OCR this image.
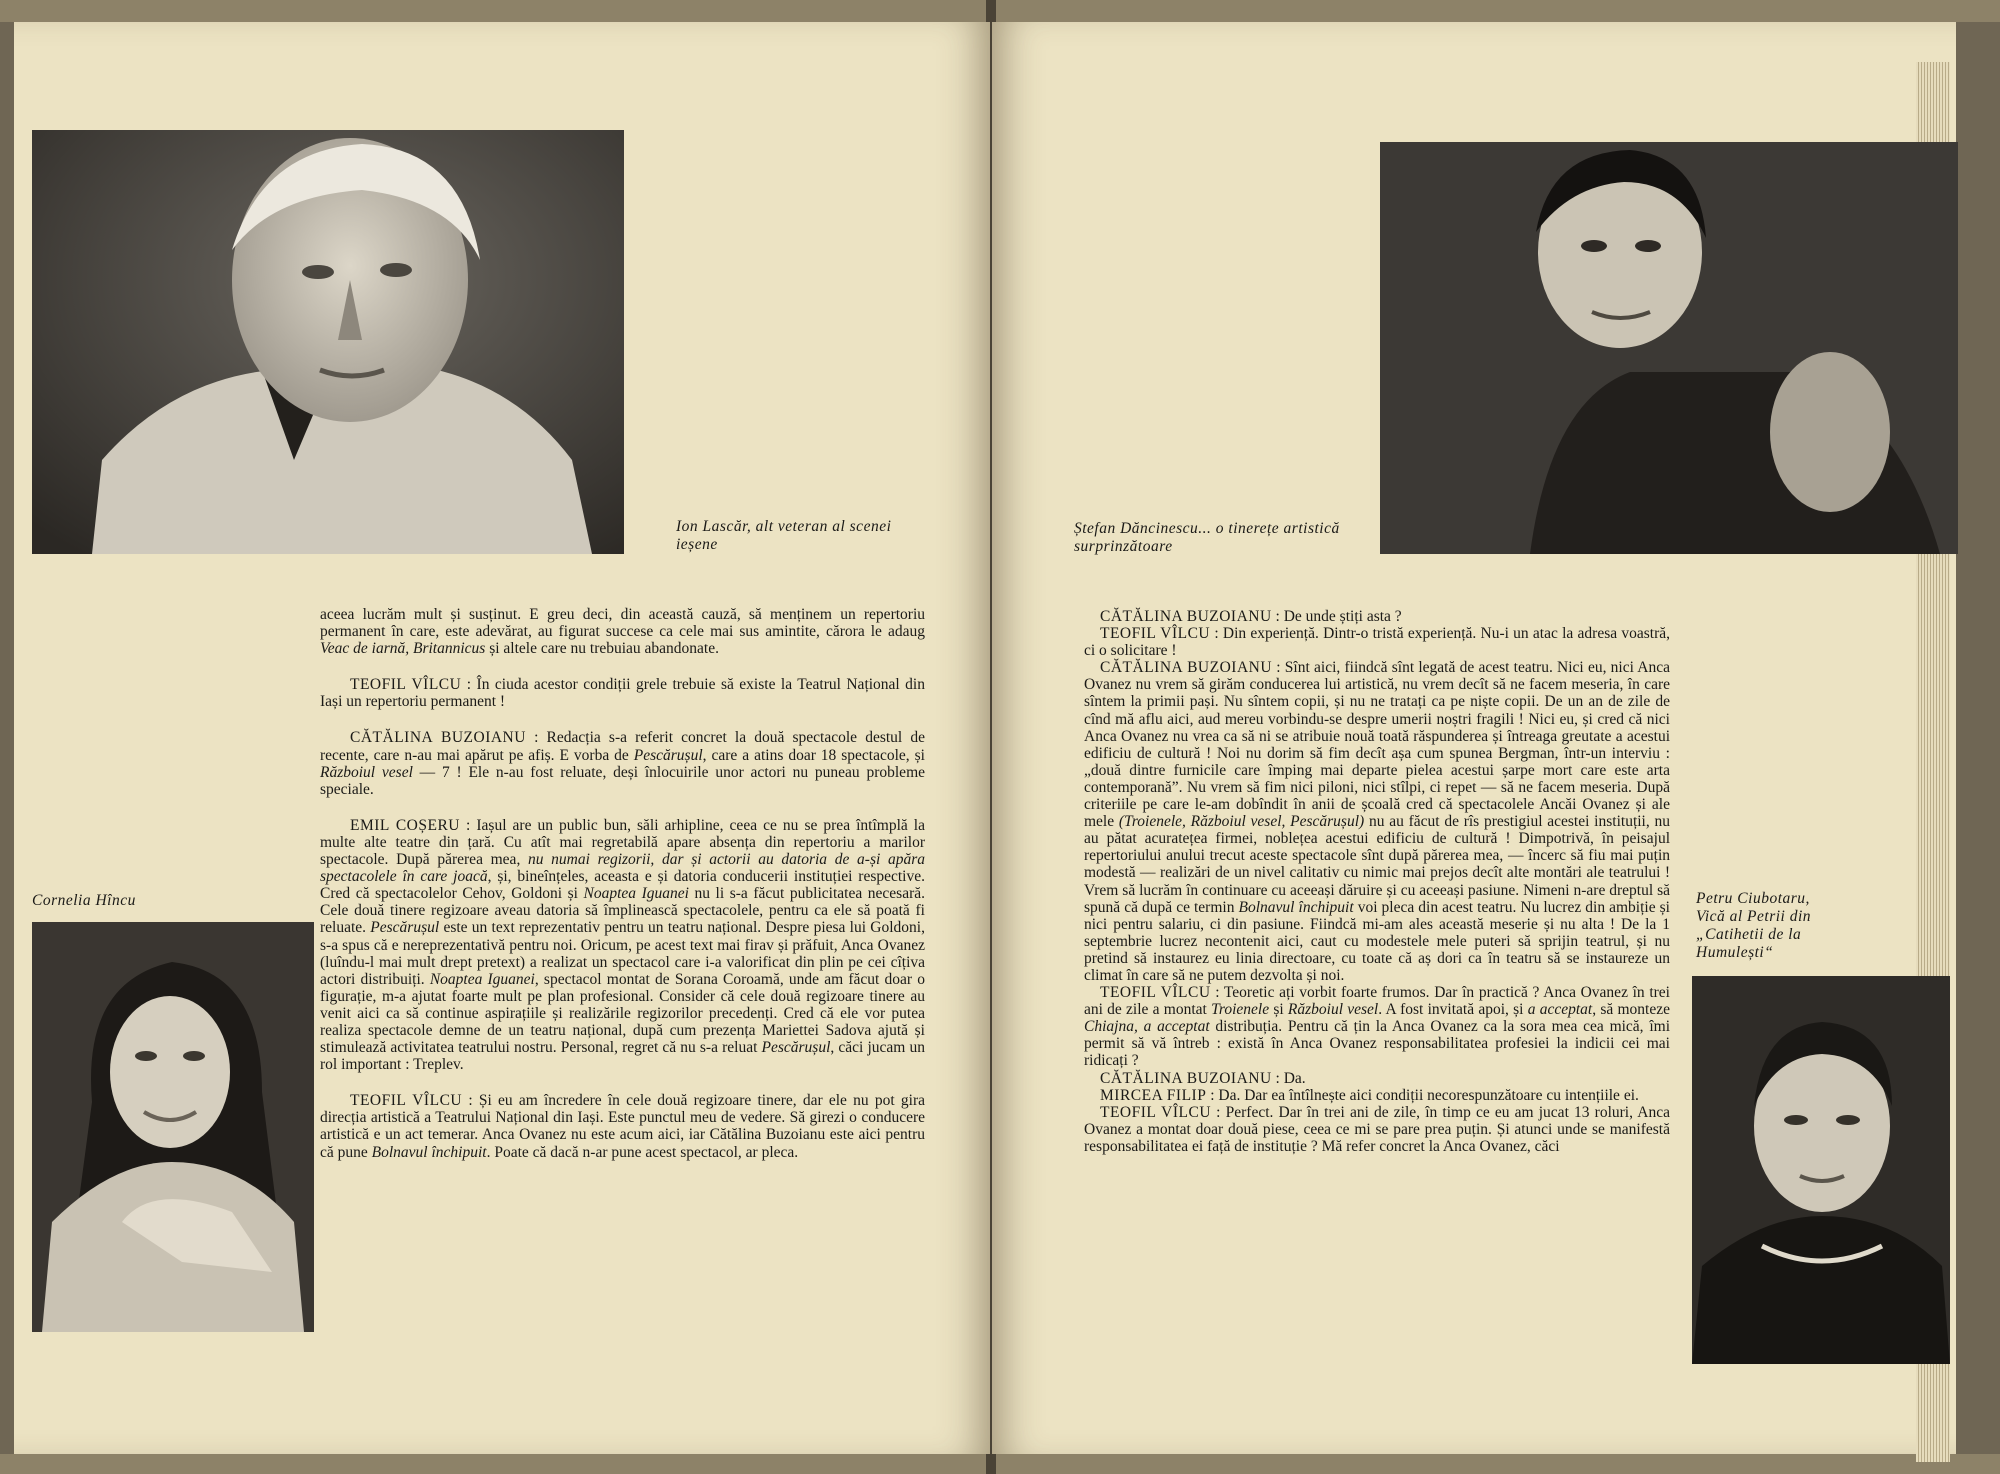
Ion Lascăr, alt veteran al scenei ieșene
Cornelia Hîncu

aceea lucrăm mult și susținut. E greu deci, din această cauză, să menținem un repertoriu permanent în care, este adevărat, au figurat succese ca cele mai sus amintite, cărora le adaug Veac de iarnă, Britannicus și altele care nu trebuiau abandonate.

TEOFIL VÎLCU : În ciuda acestor condiții grele trebuie să existe la Teatrul Național din Iași un repertoriu permanent !

CĂTĂLINA BUZOIANU : Redacția s-a referit concret la două spectacole destul de recente, care n-au mai apărut pe afiș. E vorba de Pescărușul, care a atins doar 18 spectacole, și Războiul vesel — 7 ! Ele n-au fost reluate, deși înlocuirile unor actori nu puneau probleme speciale.

EMIL COȘERU : Iașul are un public bun, săli arhipline, ceea ce nu se prea întîmplă la multe alte teatre din țară. Cu atît mai regretabilă apare absența din repertoriu a marilor spectacole. După părerea mea, nu numai regizorii, dar și actorii au datoria de a-și apăra spectacolele în care joacă, și, bineînțeles, aceasta e și datoria conducerii instituției respective. Cred că spectacolelor Cehov, Goldoni și Noaptea Iguanei nu li s-a făcut publicitatea necesară. Cele două tinere regizoare aveau datoria să împlinească spectacolele, pentru ca ele să poată fi reluate. Pescărușul este un text reprezentativ pentru un teatru național. Despre piesa lui Goldoni, s-a spus că e nereprezentativă pentru noi. Oricum, pe acest text mai firav și prăfuit, Anca Ovanez (luîndu-l mai mult drept pretext) a realizat un spectacol care i-a valorificat din plin pe cei cîțiva actori distribuiți. Noaptea Iguanei, spectacol montat de Sorana Coroamă, unde am făcut doar o figurație, m-a ajutat foarte mult pe plan profesional. Consider că cele două regizoare tinere au venit aici ca să continue aspirațiile și realizările regizorilor precedenți. Cred că ele vor putea realiza spectacole demne de un teatru național, după cum prezența Mariettei Sadova ajută și stimulează activitatea teatrului nostru. Personal, regret că nu s-a reluat Pescărușul, căci jucam un rol important : Treplev.

TEOFIL VÎLCU : Și eu am încredere în cele două regizoare tinere, dar ele nu pot gira direcția artistică a Teatrului Național din Iași. Este punctul meu de vedere. Să girezi o conducere artistică e un act temerar. Anca Ovanez nu este acum aici, iar Cătălina Buzoianu este aici pentru că pune Bolnavul închipuit. Poate că dacă n-ar pune acest spectacol, ar pleca.

Ștefan Dăncinescu... o tinerețe artistică surprinzătoare
Petru Ciubotaru, Vică al Petrii din „Catihetii de la Humulești“

CĂTĂLINA BUZOIANU : De unde știți asta ?

TEOFIL VÎLCU : Din experiență. Dintr-o tristă experiență. Nu-i un atac la adresa voastră, ci o solicitare !

CĂTĂLINA BUZOIANU : Sînt aici, fiindcă sînt legată de acest teatru. Nici eu, nici Anca Ovanez nu vrem să girăm conducerea lui artistică, nu vrem decît să ne facem meseria, în care sîntem la primii pași. Nu sîntem copii, și nu ne tratați ca pe niște copii. De un an de zile de cînd mă aflu aici, aud mereu vorbindu-se despre umerii noștri fragili ! Nici eu, și cred că nici Anca Ovanez nu vrea ca să ni se atribuie nouă toată răspunderea și întreaga greutate a acestui edificiu de cultură ! Noi nu dorim să fim decît așa cum spunea Bergman, într-un interviu : „două dintre furnicile care împing mai departe pielea acestui șarpe mort care este arta contemporană”. Nu vrem să fim nici piloni, nici stîlpi, ci repet — să ne facem meseria. După criteriile pe care le-am dobîndit în anii de școală cred că spectacolele Ancăi Ovanez și ale mele (Troienele, Războiul vesel, Pescărușul) nu au făcut de rîs prestigiul acestei instituții, nu au pătat acuratețea firmei, noblețea acestui edificiu de cultură ! Dimpotrivă, în peisajul repertoriului anului trecut aceste spectacole sînt după părerea mea, — încerc să fiu mai puțin modestă — realizări de un nivel calitativ cu nimic mai prejos decît alte montări ale teatrului ! Vrem să lucrăm în continuare cu aceeași dăruire și cu aceeași pasiune. Nimeni n-are dreptul să spună că după ce termin Bolnavul închipuit voi pleca din acest teatru. Nu lucrez din ambiție și nici pentru salariu, ci din pasiune. Fiindcă mi-am ales această meserie și nu alta ! De la 1 septembrie lucrez necontenit aici, caut cu modestele mele puteri să sprijin teatrul, și nu pretind să instaurez eu linia directoare, cu toate că aș dori ca în teatru să se instaureze un climat în care să ne putem dezvolta și noi.

TEOFIL VÎLCU : Teoretic ați vorbit foarte frumos. Dar în practică ? Anca Ovanez în trei ani de zile a montat Troienele și Războiul vesel. A fost invitată apoi, și a acceptat, să monteze Chiajna, a acceptat distribuția. Pentru că țin la Anca Ovanez ca la sora mea cea mică, îmi permit să vă întreb : există în Anca Ovanez responsabilitatea profesiei la indicii cei mai ridicați ?

CĂTĂLINA BUZOIANU : Da.

MIRCEA FILIP : Da. Dar ea întîlnește aici condiții necorespunzătoare cu intențiile ei.

TEOFIL VÎLCU : Perfect. Dar în trei ani de zile, în timp ce eu am jucat 13 roluri, Anca Ovanez a montat doar două piese, ceea ce mi se pare prea puțin. Și atunci unde se manifestă responsabilitatea ei față de instituție ? Mă refer concret la Anca Ovanez, căci
